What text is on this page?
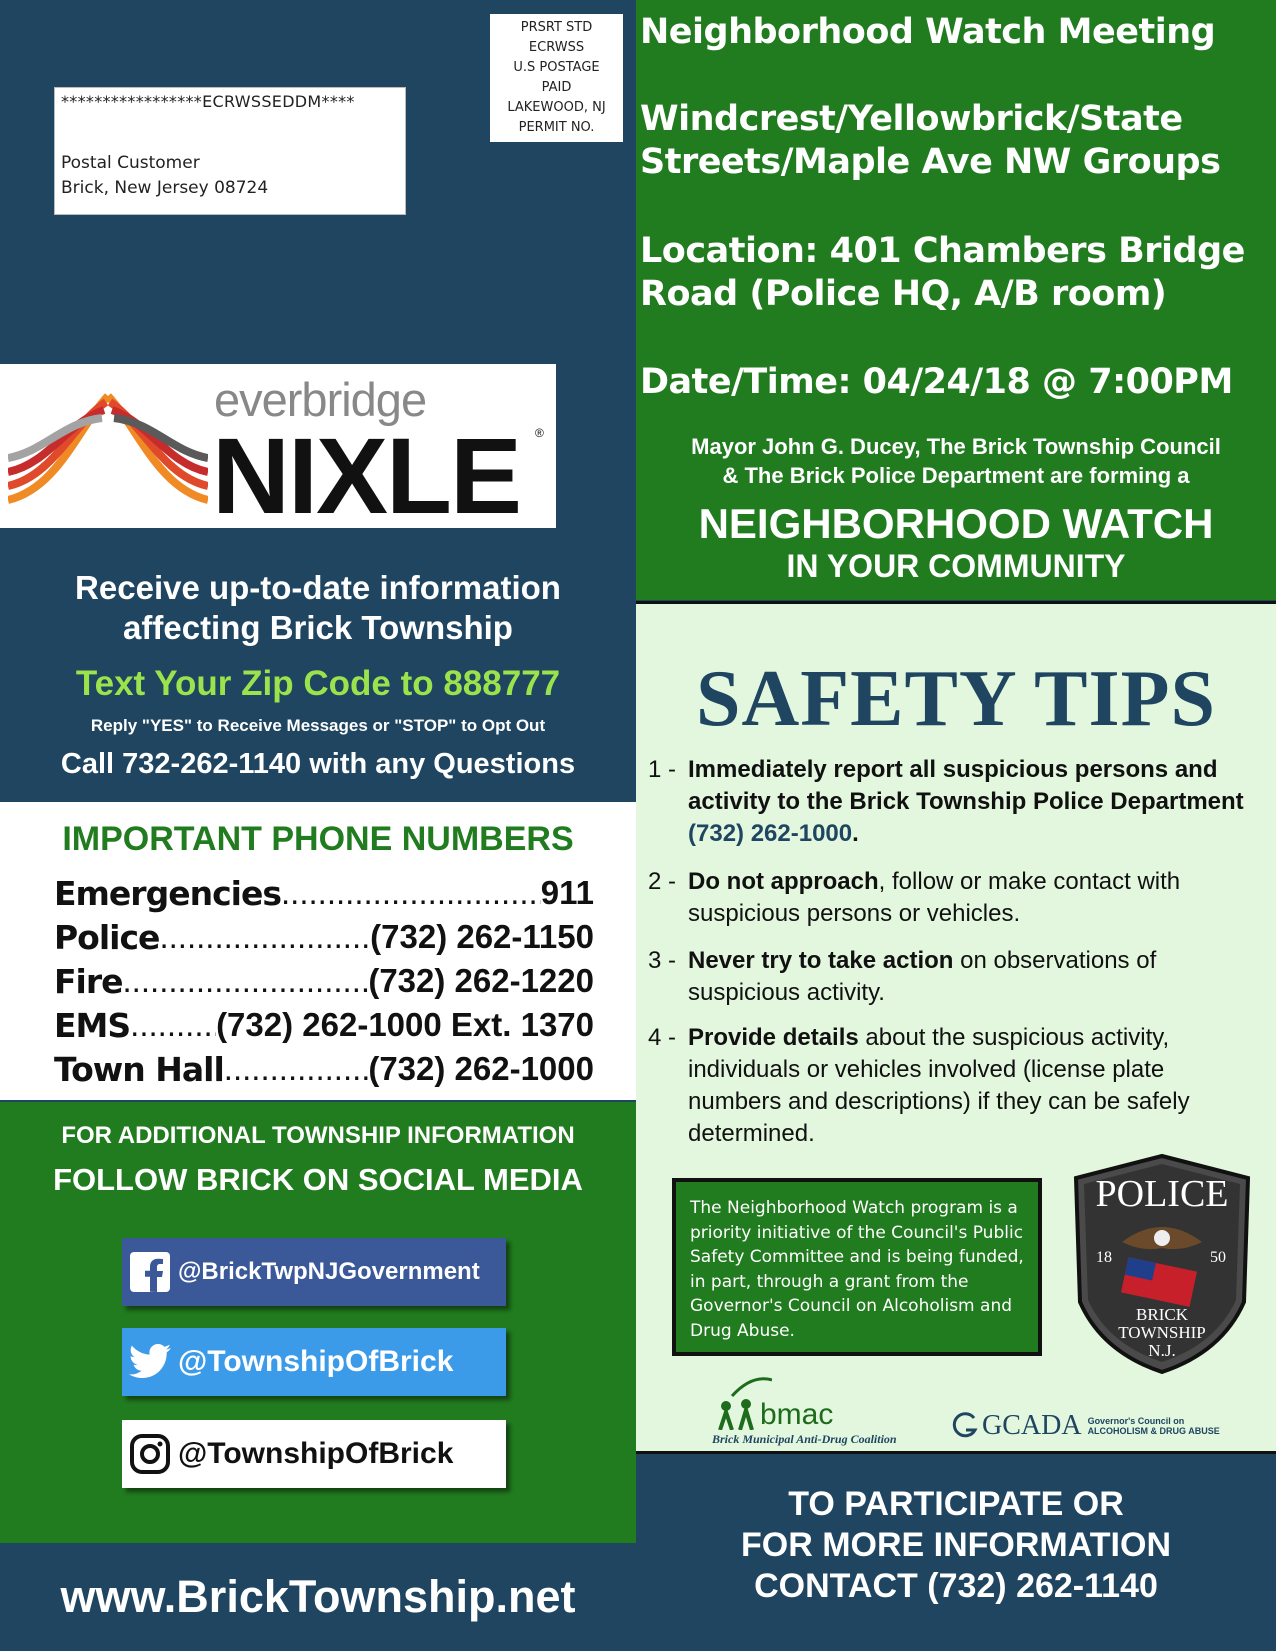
*****************ECRWSSEDDM****
Postal Customer
Brick, New Jersey 08724
PRSRT STD
ECRWSS
U.S POSTAGE
PAID
LAKEWOOD, NJ
PERMIT NO.
everbridge
NIXLE ®
Receive up-to-date information
affecting Brick Township
Text Your Zip Code to 888777
Reply "YES" to Receive Messages or "STOP" to Opt Out
Call 732-262-1140 with any Questions
IMPORTANT PHONE NUMBERS
Emergencies .....	911
Police .....	(732) 262-1150
Fire .....	(732) 262-1220
EMS .....	(732) 262-1000 Ext. 1370
Town Hall .....	(732) 262-1000
FOR ADDITIONAL TOWNSHIP INFORMATION
FOLLOW BRICK ON SOCIAL MEDIA
@BrickTwpNJGovernment
@TownshipOfBrick
@TownshipOfBrick
www.BrickTownship.net
Neighborhood Watch Meeting
Windcrest/Yellowbrick/State
Streets/Maple Ave NW Groups
Location: 401 Chambers Bridge
Road (Police HQ, A/B room)
Date/Time: 04/24/18 @ 7:00PM
Mayor John G. Ducey, The Brick Township Council
& The Brick Police Department are forming a
NEIGHBORHOOD WATCH
IN YOUR COMMUNITY
SAFETY TIPS
1 - Immediately report all suspicious persons and activity to the Brick Township Police Department (732) 262-1000.
2 - Do not approach, follow or make contact with suspicious persons or vehicles.
3 - Never try to take action on observations of suspicious activity.
4 - Provide details about the suspicious activity, individuals or vehicles involved (license plate numbers and descriptions) if they can be safely determined.
The Neighborhood Watch program is a priority initiative of the Council's Public Safety Committee and is being funded, in part, through a grant from the Governor's Council on Alcoholism and Drug Abuse.
POLICE
18	50
BRICK
TOWNSHIP
N.J.
bmac
Brick Municipal Anti-Drug Coalition	GCADA Governor's Council on
ALCOHOLISM & DRUG ABUSE
TO PARTICIPATE OR
FOR MORE INFORMATION
CONTACT (732) 262-1140
